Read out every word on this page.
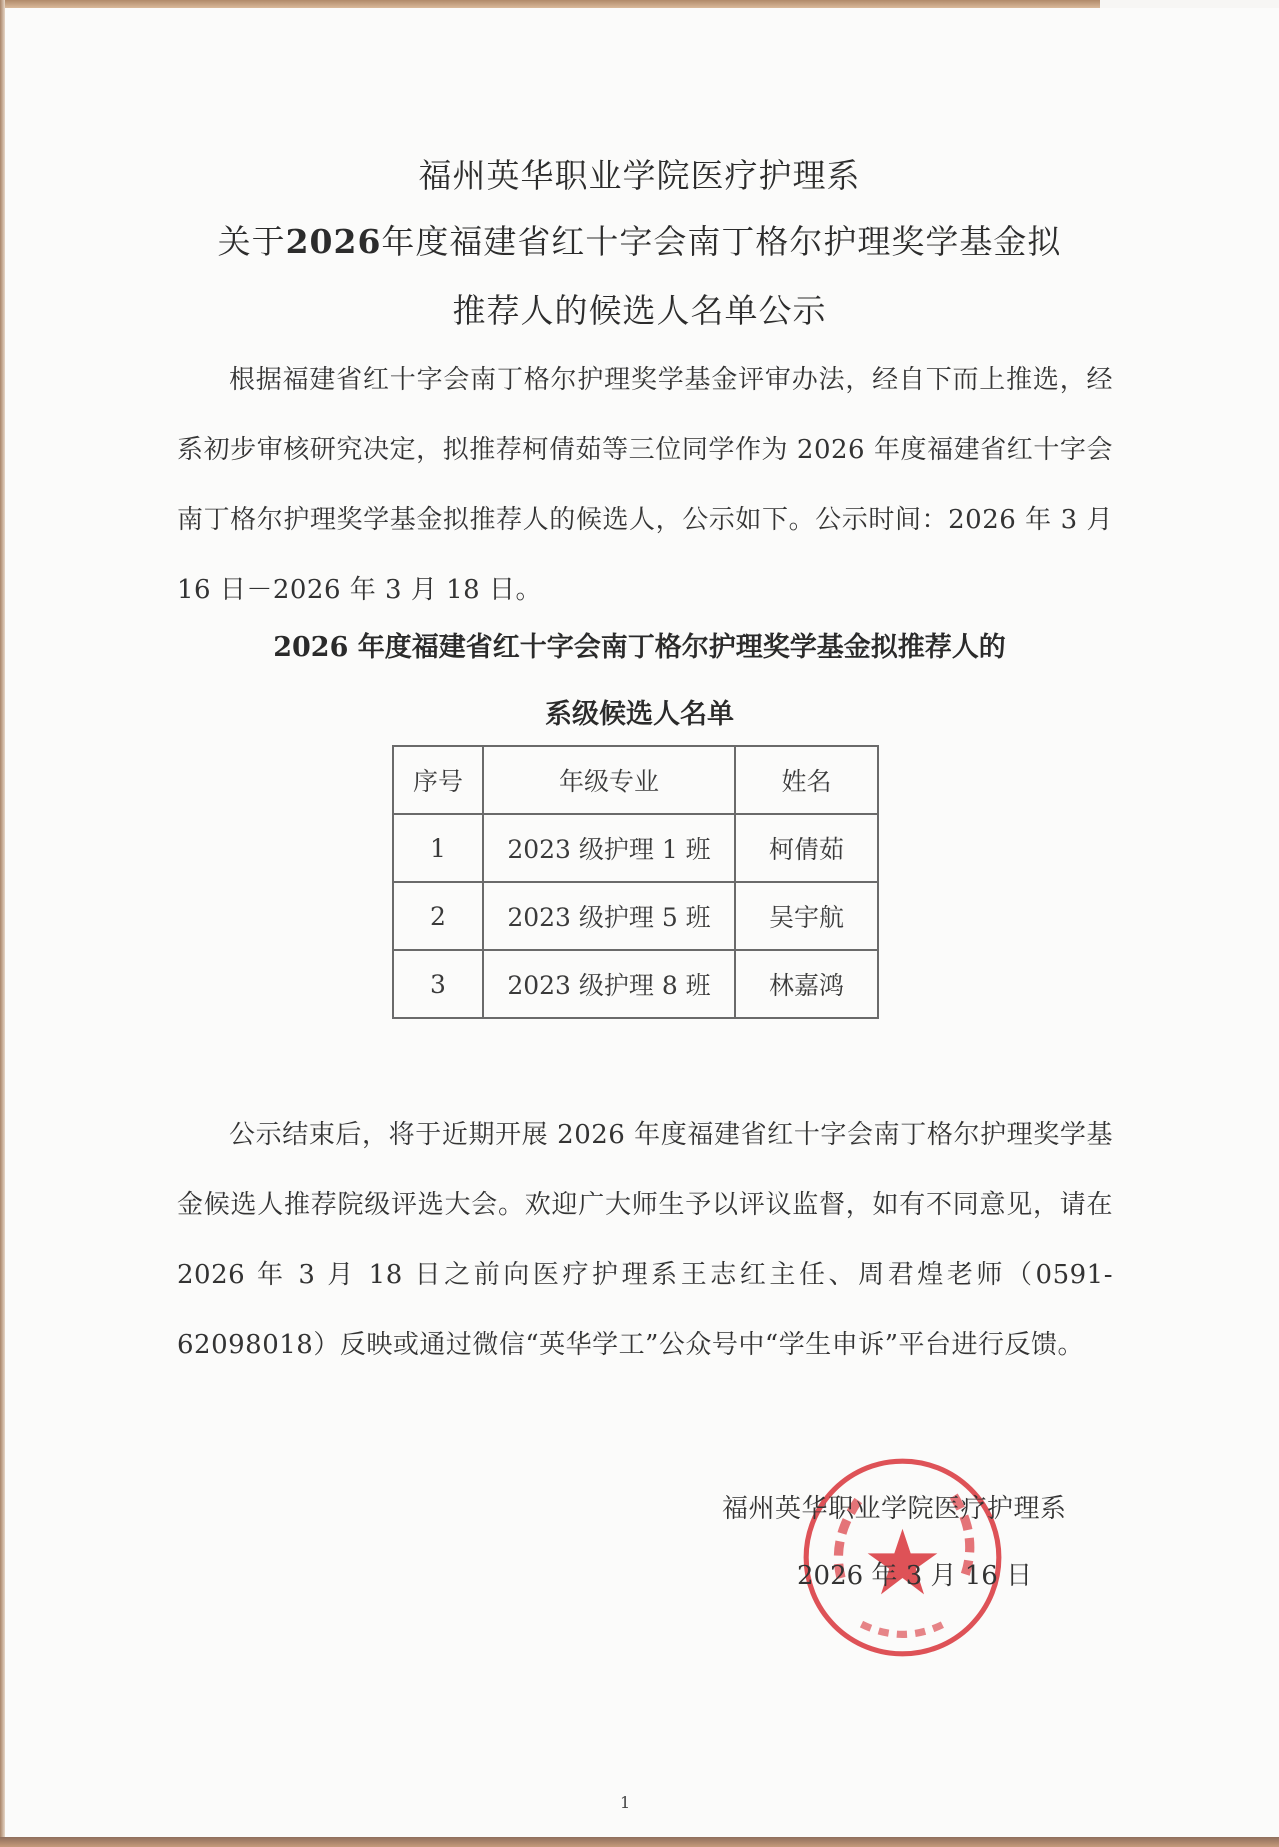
福州英华职业学院医疗护理系
关于2026年度福建省红十字会南丁格尔护理奖学基金拟
推荐人的候选人名单公示

根据福建省红十字会南丁格尔护理奖学基金评审办法，经自下而上推选，经系初步审核研究决定，拟推荐柯倩茹等三位同学作为 2026 年度福建省红十字会南丁格尔护理奖学基金拟推荐人的候选人，公示如下。公示时间：2026 年 3 月 16 日－2026 年 3 月 18 日。

2026 年度福建省红十字会南丁格尔护理奖学基金拟推荐人的
系级候选人名单
序号	年级专业	姓名
1	2023 级护理 1 班	柯倩茹
2	2023 级护理 5 班	吴宇航
3	2023 级护理 8 班	林嘉鸿

公示结束后，将于近期开展 2026 年度福建省红十字会南丁格尔护理奖学基金候选人推荐院级评选大会。欢迎广大师生予以评议监督，如有不同意见，请在 2026 年 3 月 18 日之前向医疗护理系王志红主任、周君煌老师（0591-62098018）反映或通过微信“英华学工”公众号中“学生申诉”平台进行反馈。

福州英华职业学院医疗护理系
2026 年 3 月 16 日
1
